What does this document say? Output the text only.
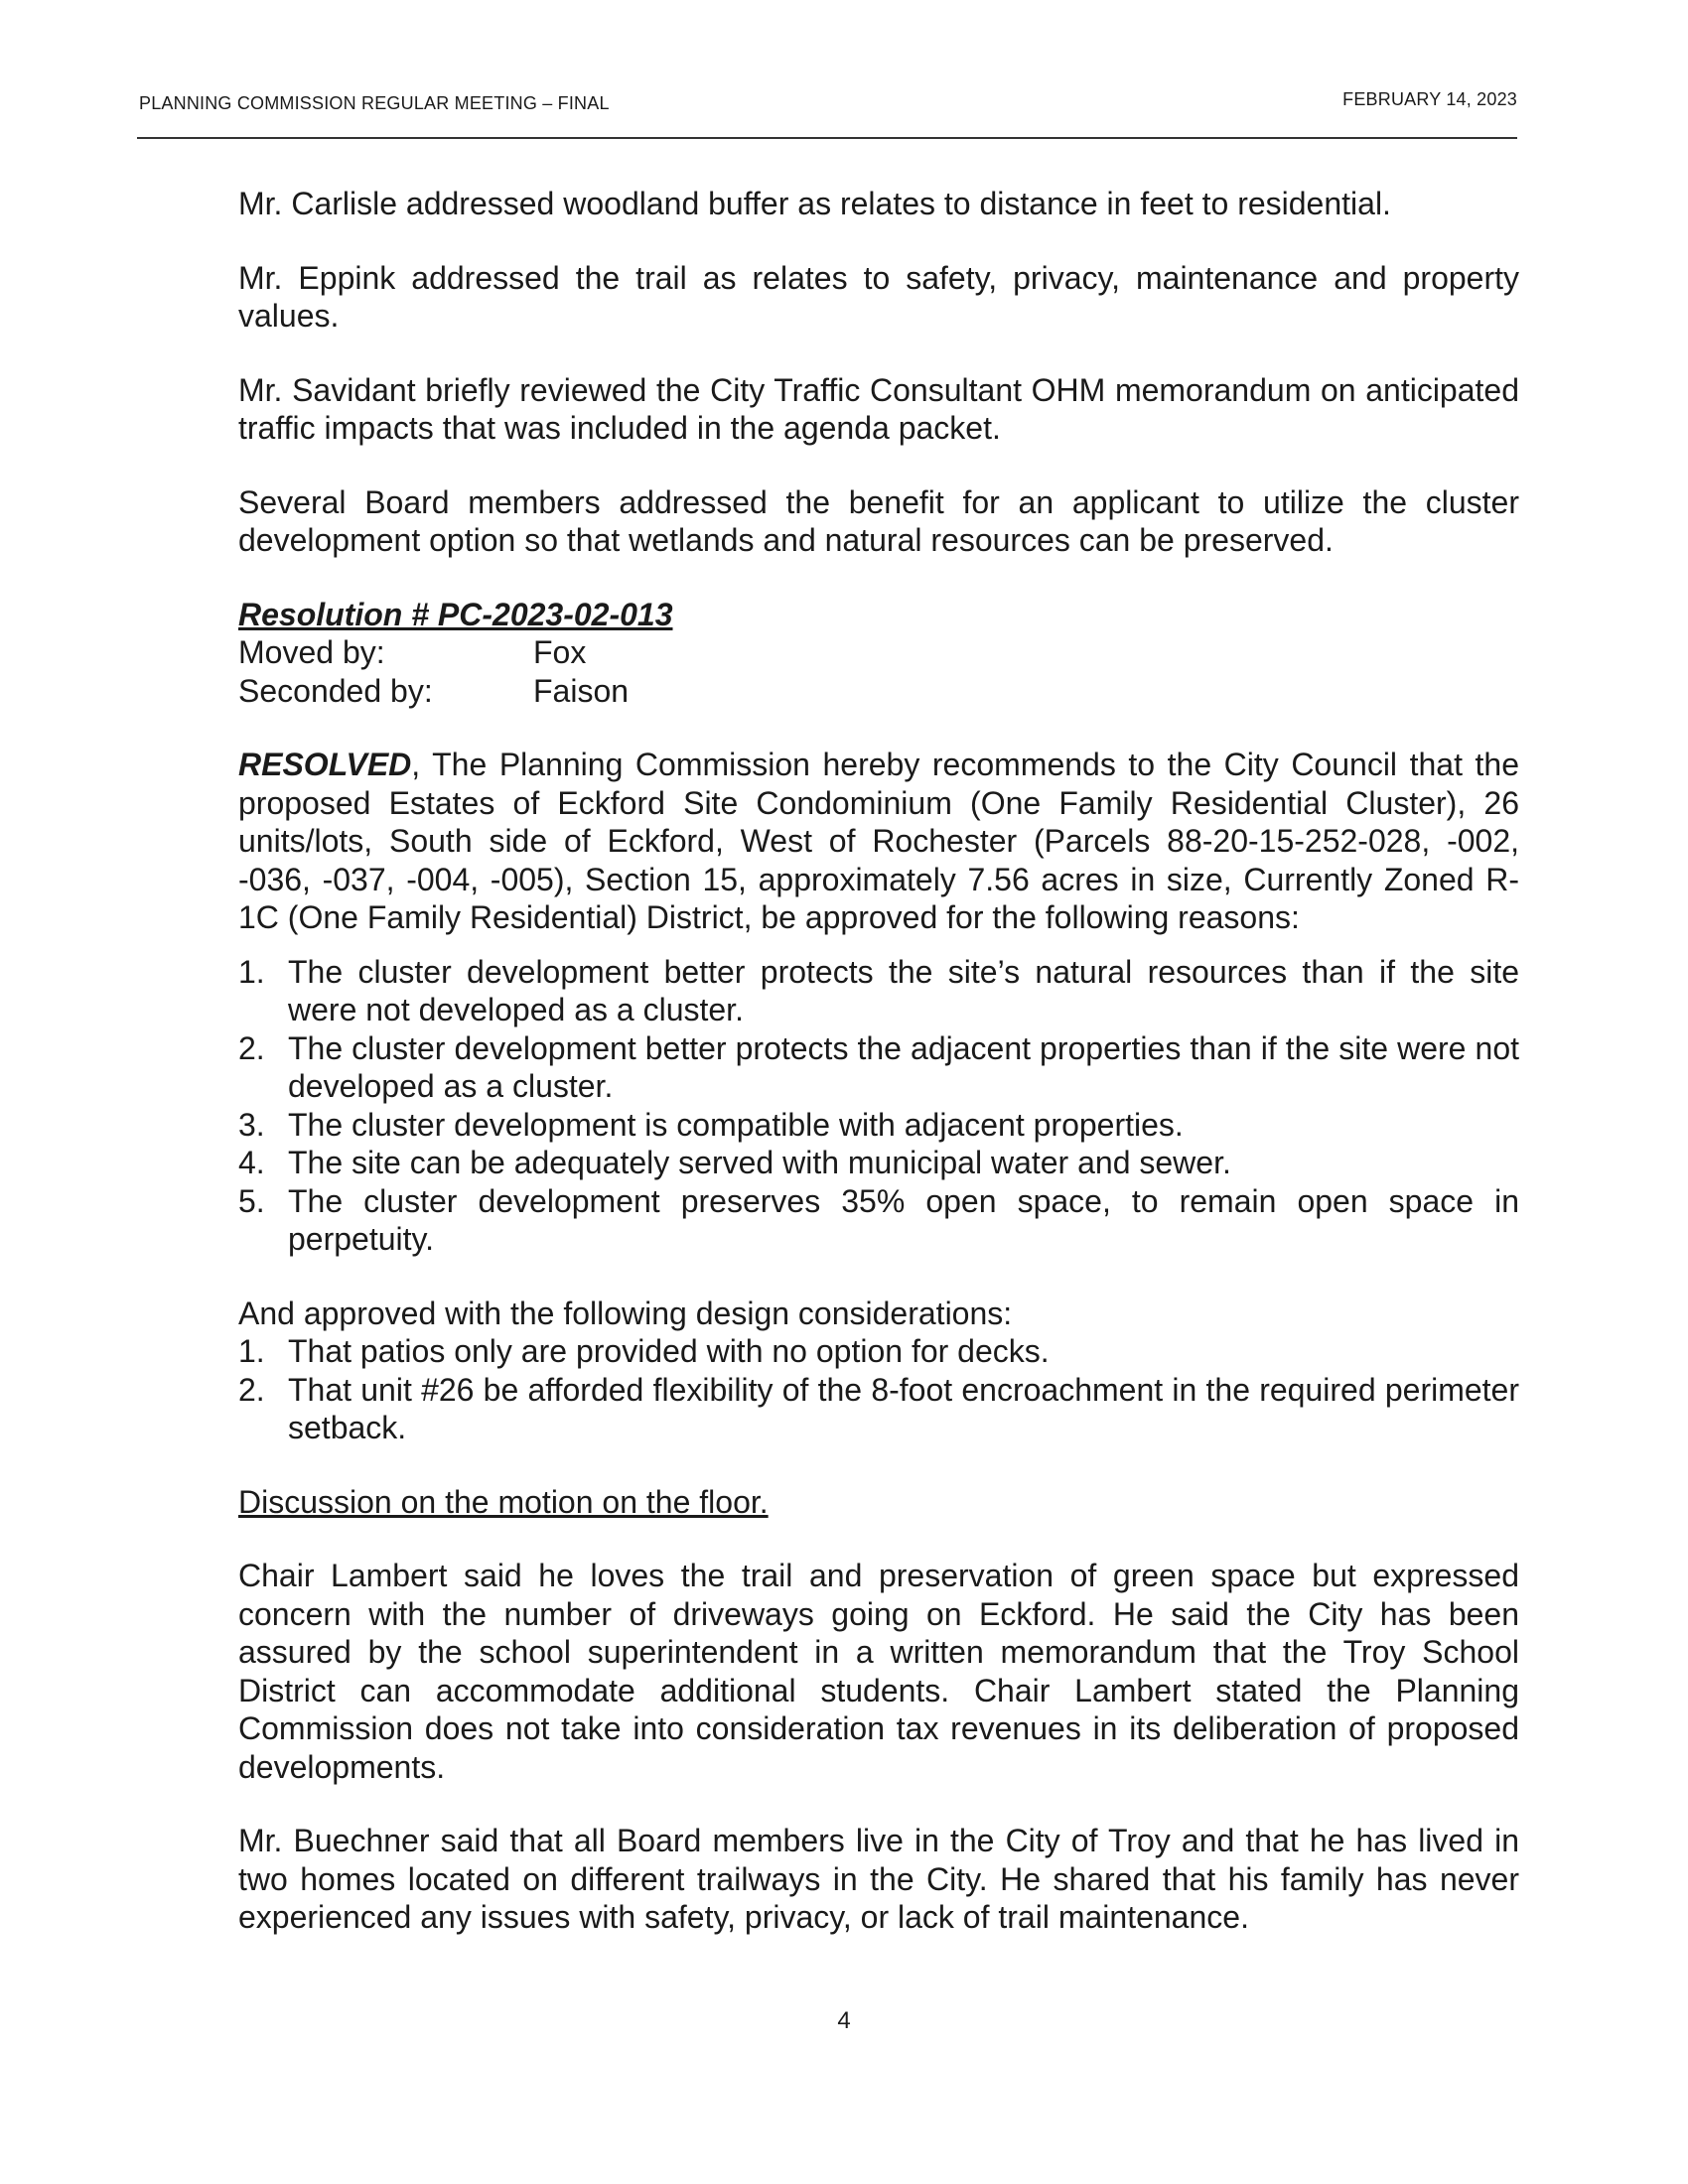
PLANNING COMMISSION REGULAR MEETING – FINAL	FEBRUARY 14, 2023

Mr. Carlisle addressed woodland buffer as relates to distance in feet to residential.

Mr. Eppink addressed the trail as relates to safety, privacy, maintenance and property values.

Mr. Savidant briefly reviewed the City Traffic Consultant OHM memorandum on anticipated traffic impacts that was included in the agenda packet.

Several Board members addressed the benefit for an applicant to utilize the cluster development option so that wetlands and natural resources can be preserved.

Resolution # PC-2023-02-013
Moved by:	Fox
Seconded by:	Faison

RESOLVED, The Planning Commission hereby recommends to the City Council that the proposed Estates of Eckford Site Condominium (One Family Residential Cluster), 26 units/lots, South side of Eckford, West of Rochester (Parcels 88-20-15-252-028, -002, -036, -037, -004, -005), Section 15, approximately 7.56 acres in size, Currently Zoned R-1C (One Family Residential) District, be approved for the following reasons:

1. The cluster development better protects the site’s natural resources than if the site were not developed as a cluster.
2. The cluster development better protects the adjacent properties than if the site were not developed as a cluster.
3. The cluster development is compatible with adjacent properties.
4. The site can be adequately served with municipal water and sewer.
5. The cluster development preserves 35% open space, to remain open space in perpetuity.
And approved with the following design considerations:
1. That patios only are provided with no option for decks.
2. That unit #26 be afforded flexibility of the 8-foot encroachment in the required perimeter setback.
Discussion on the motion on the floor.

Chair Lambert said he loves the trail and preservation of green space but expressed concern with the number of driveways going on Eckford. He said the City has been assured by the school superintendent in a written memorandum that the Troy School District can accommodate additional students. Chair Lambert stated the Planning Commission does not take into consideration tax revenues in its deliberation of proposed developments.

Mr. Buechner said that all Board members live in the City of Troy and that he has lived in two homes located on different trailways in the City. He shared that his family has never experienced any issues with safety, privacy, or lack of trail maintenance.

4
